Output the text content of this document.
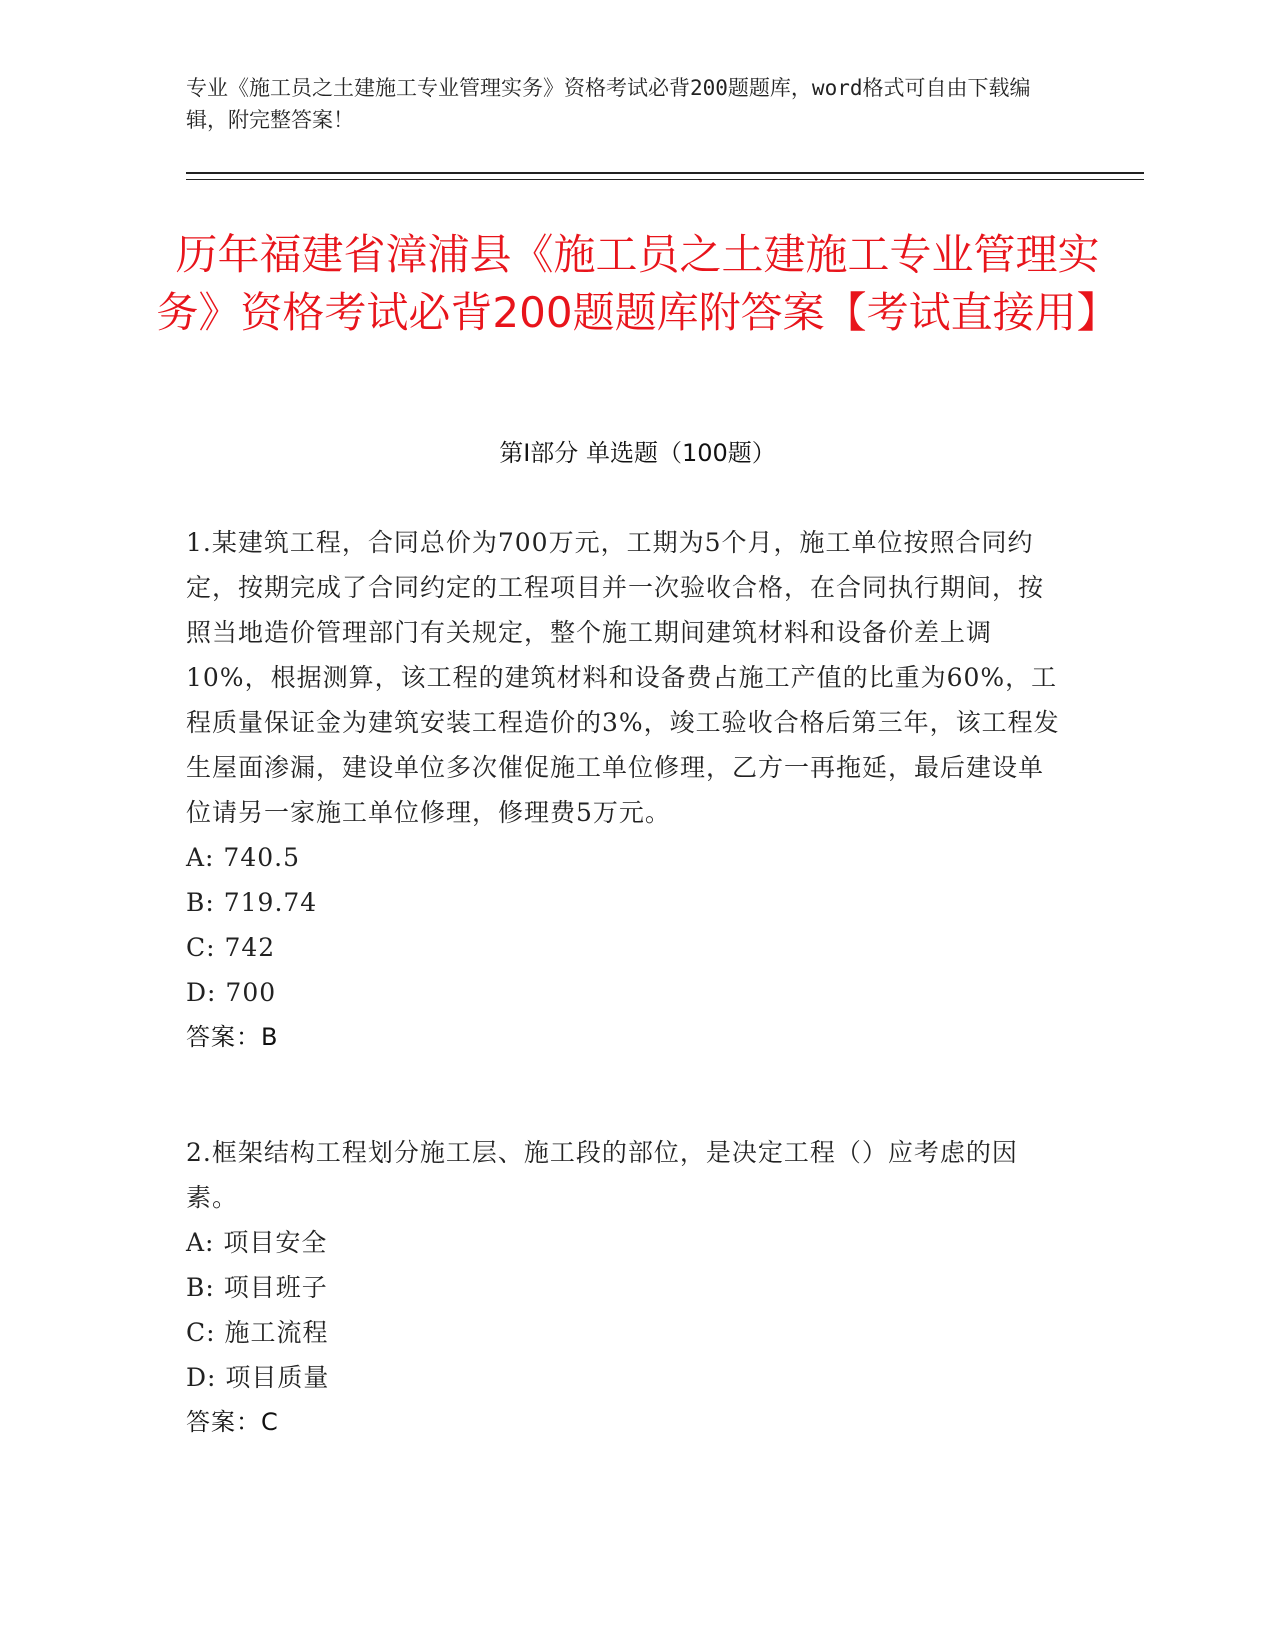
专业《施工员之土建施工专业管理实务》资格考试必背200题题库，word格式可自由下载编辑，附完整答案！
历年福建省漳浦县《施工员之土建施工专业管理实务》资格考试必背200题题库附答案【考试直接用】
第Ⅰ部分 单选题（100题）

1.某建筑工程，合同总价为700万元，工期为5个月，施工单位按照合同约定，按期完成了合同约定的工程项目并一次验收合格，在合同执行期间，按照当地造价管理部门有关规定，整个施工期间建筑材料和设备价差上调10%，根据测算，该工程的建筑材料和设备费占施工产值的比重为60%，工程质量保证金为建筑安装工程造价的3%，竣工验收合格后第三年，该工程发生屋面渗漏，建设单位多次催促施工单位修理，乙方一再拖延，最后建设单位请另一家施工单位修理，修理费5万元。

A: 740.5

B: 719.74

C: 742

D: 700

答案：B

2.框架结构工程划分施工层、施工段的部位，是决定工程（）应考虑的因素。

A: 项目安全

B: 项目班子

C: 施工流程

D: 项目质量

答案：C
